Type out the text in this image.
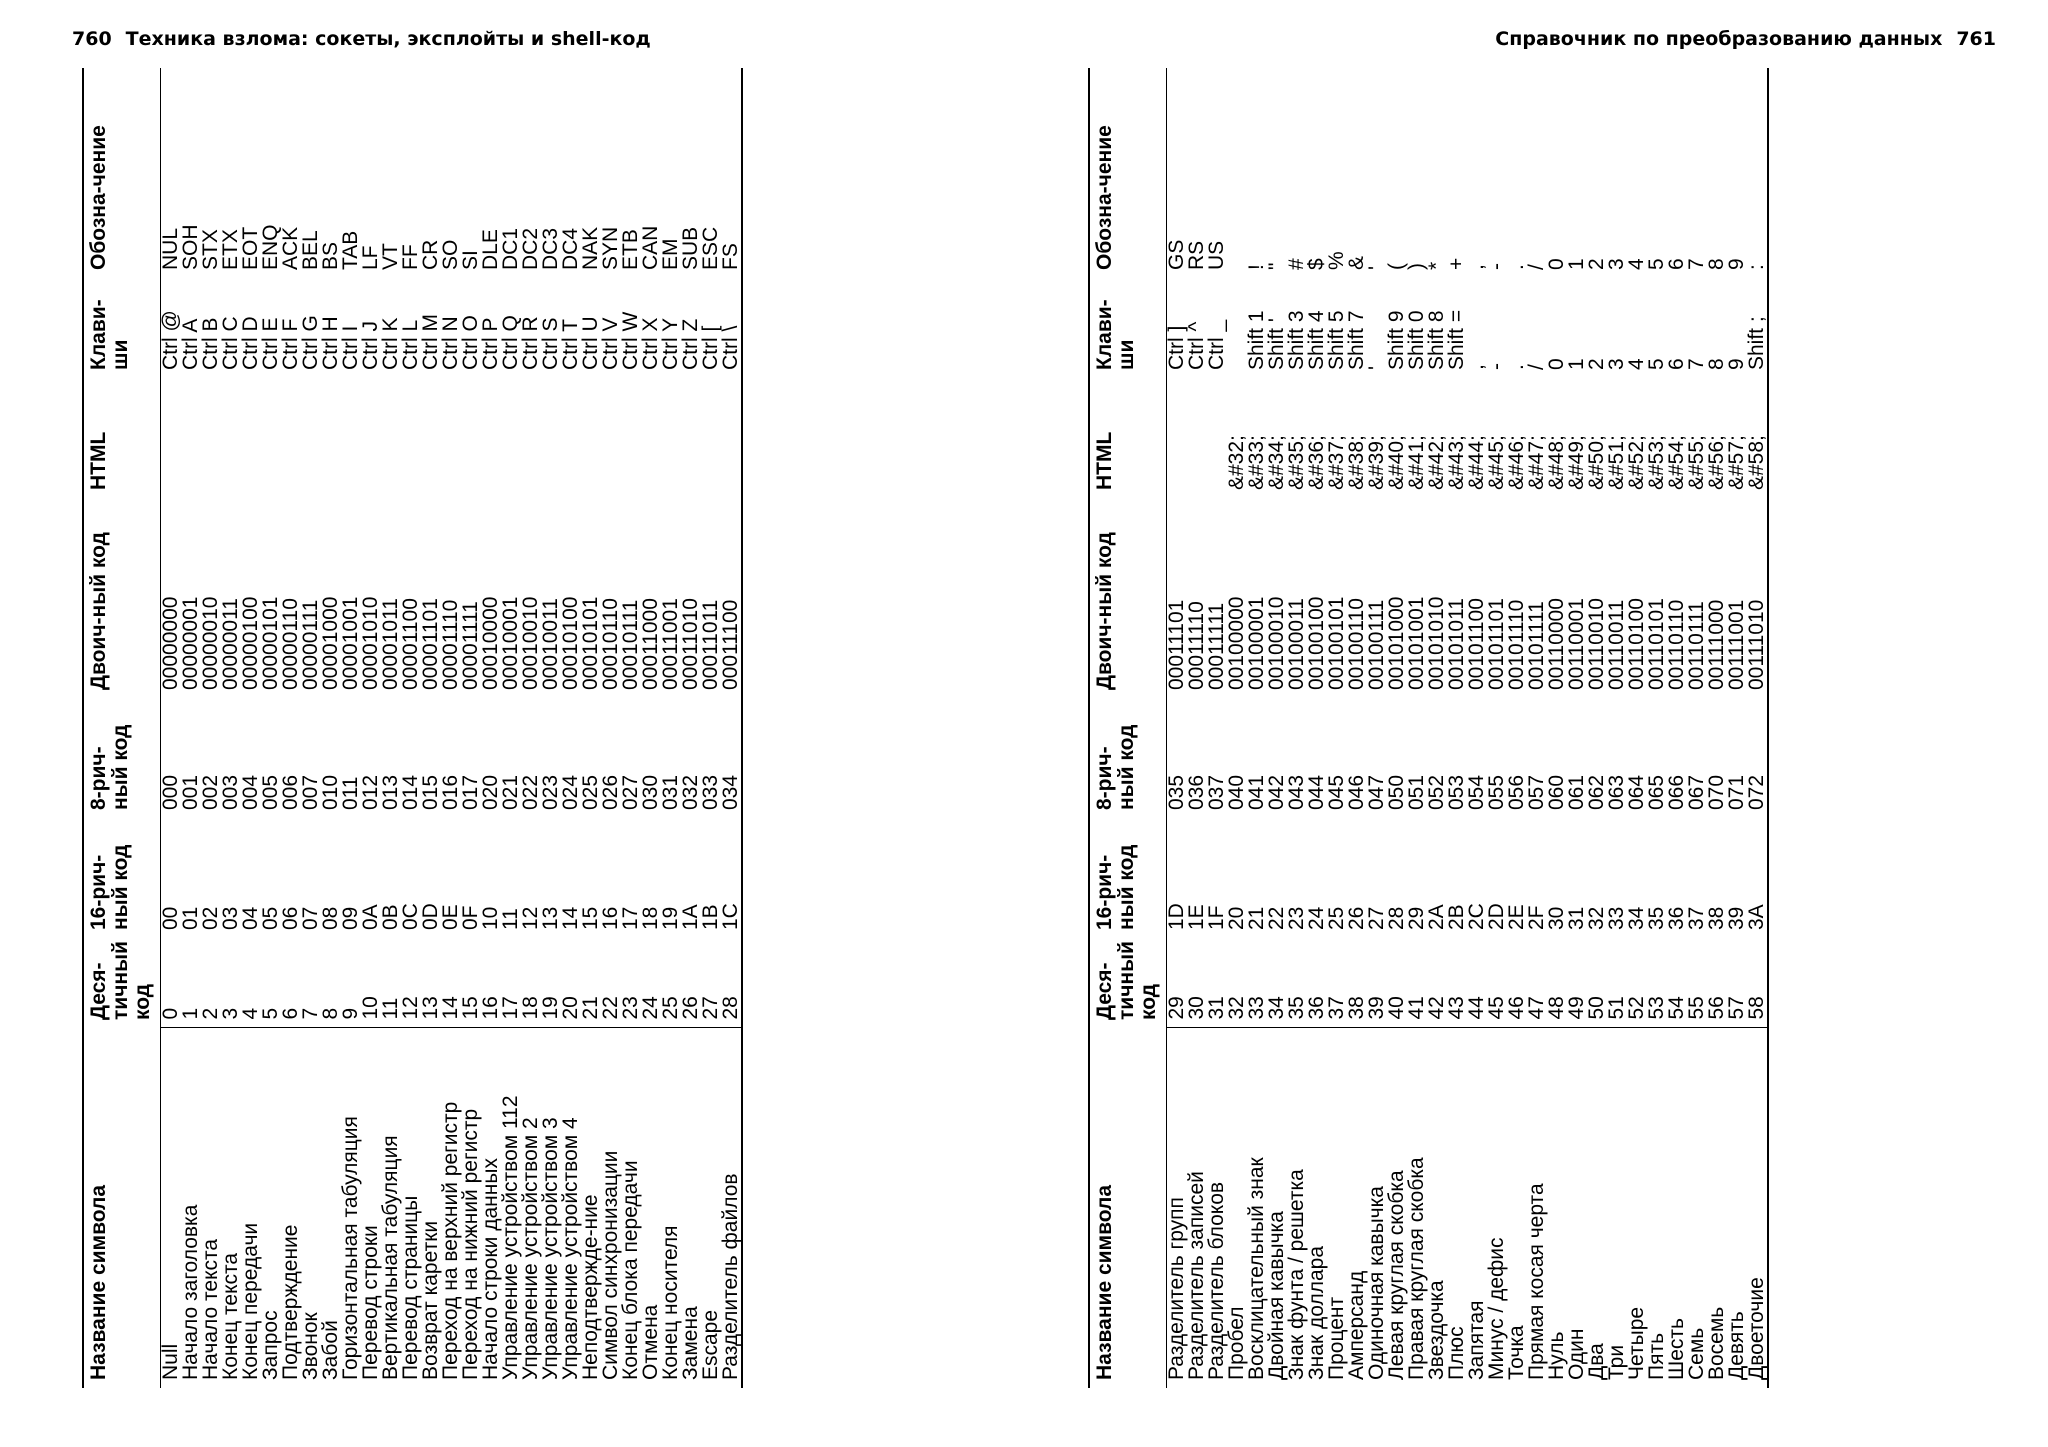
760 Техника взлома: сокеты, эксплойты и shell-код	Справочник по преобразованию данных 761
Название символа	Деся-тичный код	16-рич-ный код	8-рич-ный код	Двоич-ный код	HTML	Клави-ши	Обозна-чение
Null	0	00	000	00000000		Ctrl @	NUL
Начало заголовка	1	01	001	00000001		Ctrl A	SOH
Начало текста	2	02	002	00000010		Ctrl B	STX
Конец текста	3	03	003	00000011		Ctrl C	ETX
Конец передачи	4	04	004	00000100		Ctrl D	EOT
Запрос	5	05	005	00000101		Ctrl E	ENQ
Подтверждение	6	06	006	00000110		Ctrl F	ACK
Звонок	7	07	007	00000111		Ctrl G	BEL
Забой	8	08	010	00001000		Ctrl H	BS
Горизонтальная табуляция	9	09	011	00001001		Ctrl I	TAB
Перевод строки	10	0A	012	00001010		Ctrl J	LF
Вертикальная табуляция	11	0B	013	00001011		Ctrl K	VT
Перевод страницы	12	0C	014	00001100		Ctrl L	FF
Возврат каретки	13	0D	015	00001101		Ctrl M	CR
Переход на верхний регистр	14	0E	016	00001110		Ctrl N	SO
Переход на нижний регистр	15	0F	017	00001111		Ctrl O	SI
Начало строки данных	16	10	020	00010000		Ctrl P	DLE
Управление устройством 112	17	11	021	00010001		Ctrl Q	DC1
Управление устройством 2	18	12	022	00010010		Ctrl R	DC2
Управление устройством 3	19	13	023	00010011		Ctrl S	DC3
Управление устройством 4	20	14	024	00010100		Ctrl T	DC4
Неподтвержде-ние	21	15	025	00010101		Ctrl U	NAK
Символ синхронизации	22	16	026	00010110		Ctrl V	SYN
Конец блока передачи	23	17	027	00010111		Ctrl W	ETB
Отмена	24	18	030	00011000		Ctrl X	CAN
Конец носителя	25	19	031	00011001		Ctrl Y	EM
Замена	26	1A	032	00011010		Ctrl Z	SUB
Escape	27	1B	033	00011011		Ctrl [	ESC
Разделитель файлов	28	1C	034	00011100		Ctrl \	FS
Название символа	Деся-тичный код	16-рич-ный код	8-рич-ный код	Двоич-ный код	HTML	Клави-ши	Обозна-чение
Разделитель групп	29	1D	035	00011101		Ctrl ]	GS
Разделитель записей	30	1E	036	00011110		Ctrl ^	RS
Разделитель блоков	31	1F	037	00011111		Ctrl _	US
Пробел	32	20	040	00100000	&#32;		
Восклицательный знак	33	21	041	00100001	&#33;	Shift 1	!
Двойная кавычка	34	22	042	00100010	&#34;	Shift '	"
Знак фунта / решетка	35	23	043	00100011	&#35;	Shift 3	#
Знак доллара	36	24	044	00100100	&#36;	Shift 4	$
Процент	37	25	045	00100101	&#37;	Shift 5	%
Амперсанд	38	26	046	00100110	&#38;	Shift 7	&
Одиночная кавычка	39	27	047	00100111	&#39;	'	'
Левая круглая скобка	40	28	050	00101000	&#40;	Shift 9	(
Правая круглая скобка	41	29	051	00101001	&#41;	Shift 0	)
Звездочка	42	2A	052	00101010	&#42;	Shift 8	*
Плюс	43	2B	053	00101011	&#43;	Shift =	+
Запятая	44	2C	054	00101100	&#44;	,	,
Минус / дефис	45	2D	055	00101101	&#45;	-	-
Точка	46	2E	056	00101110	&#46;	.	.
Прямая косая черта	47	2F	057	00101111	&#47;	/	/
Нуль	48	30	060	00110000	&#48;	0	0
Один	49	31	061	00110001	&#49;	1	1
Два	50	32	062	00110010	&#50;	2	2
Три	51	33	063	00110011	&#51;	3	3
Четыре	52	34	064	00110100	&#52;	4	4
Пять	53	35	065	00110101	&#53;	5	5
Шесть	54	36	066	00110110	&#54;	6	6
Семь	55	37	067	00110111	&#55;	7	7
Восемь	56	38	070	00111000	&#56;	8	8
Девять	57	39	071	00111001	&#57;	9	9
Двоеточие	58	3A	072	00111010	&#58;	Shift ;	:
